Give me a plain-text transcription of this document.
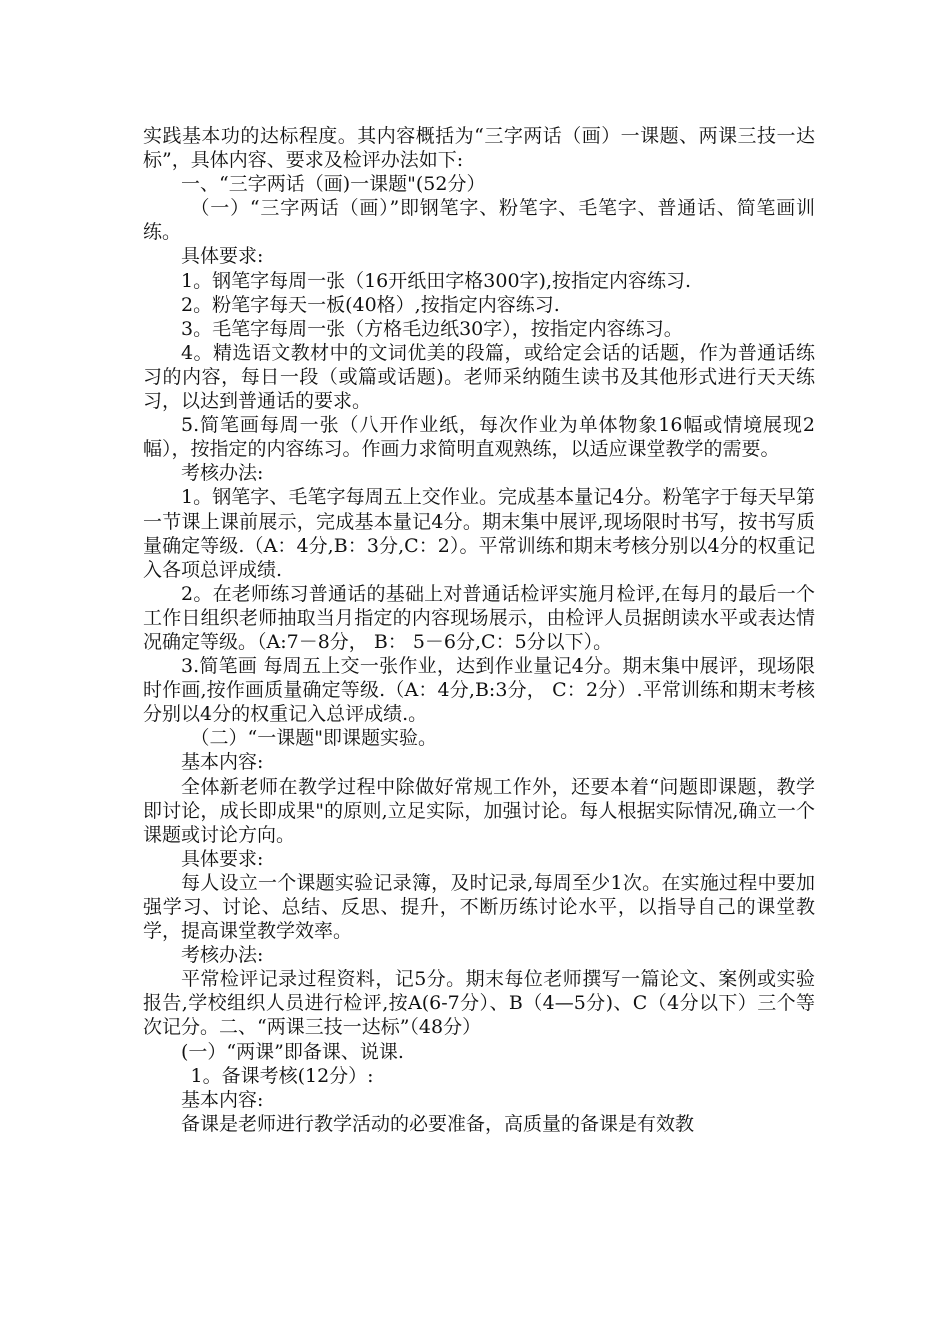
实践基本功的达标程度。其内容概括为“三字两话（画）一课题、两课三技一达标”，具体内容、要求及检评办法如下:

一、“三字两话（画)一课题"(52分）

（一）“三字两话（画）”即钢笔字、粉笔字、毛笔字、普通话、简笔画训练。

具体要求:

1。钢笔字每周一张（16开纸田字格300字),按指定内容练习.

2。粉笔字每天一板(40格）,按指定内容练习.

3。毛笔字每周一张（方格毛边纸30字），按指定内容练习。

4。精选语文教材中的文词优美的段篇，或给定会话的话题，作为普通话练习的内容，每日一段（或篇或话题)。老师采纳随生读书及其他形式进行天天练习，以达到普通话的要求。

5.简笔画每周一张（八开作业纸，每次作业为单体物象16幅或情境展现2幅），按指定的内容练习。作画力求简明直观熟练，以适应课堂教学的需要。

考核办法:

1。钢笔字、毛笔字每周五上交作业。完成基本量记4分。粉笔字于每天早第一节课上课前展示，完成基本量记4分。期末集中展评,现场限时书写，按书写质量确定等级.（A：4分,B：3分,C：2）。平常训练和期末考核分别以4分的权重记入各项总评成绩.

2。在老师练习普通话的基础上对普通话检评实施月检评,在每月的最后一个工作日组织老师抽取当月指定的内容现场展示，由检评人员据朗读水平或表达情况确定等级。（A:7－8分， B： 5－6分,C：5分以下）。

3.简笔画 每周五上交一张作业，达到作业量记4分。期末集中展评，现场限时作画,按作画质量确定等级.（A：4分,B:3分， C：2分）.平常训练和期末考核分别以4分的权重记入总评成绩.。

（二）“一课题"即课题实验。

基本内容:

全体新老师在教学过程中除做好常规工作外，还要本着“问题即课题，教学即讨论，成长即成果"的原则,立足实际，加强讨论。每人根据实际情况,确立一个课题或讨论方向。

具体要求:

每人设立一个课题实验记录簿，及时记录,每周至少1次。在实施过程中要加强学习、讨论、总结、反思、提升，不断历练讨论水平，以指导自己的课堂教学，提高课堂教学效率。

考核办法:

平常检评记录过程资料，记5分。期末每位老师撰写一篇论文、案例或实验报告,学校组织人员进行检评,按A(6-7分）、B（4—5分)、C（4分以下）三个等次记分。二、“两课三技一达标”（48分）

(一）“两课”即备课、说课.

1。备课考核(12分）:

基本内容:

备课是老师进行教学活动的必要准备，高质量的备课是有效教
